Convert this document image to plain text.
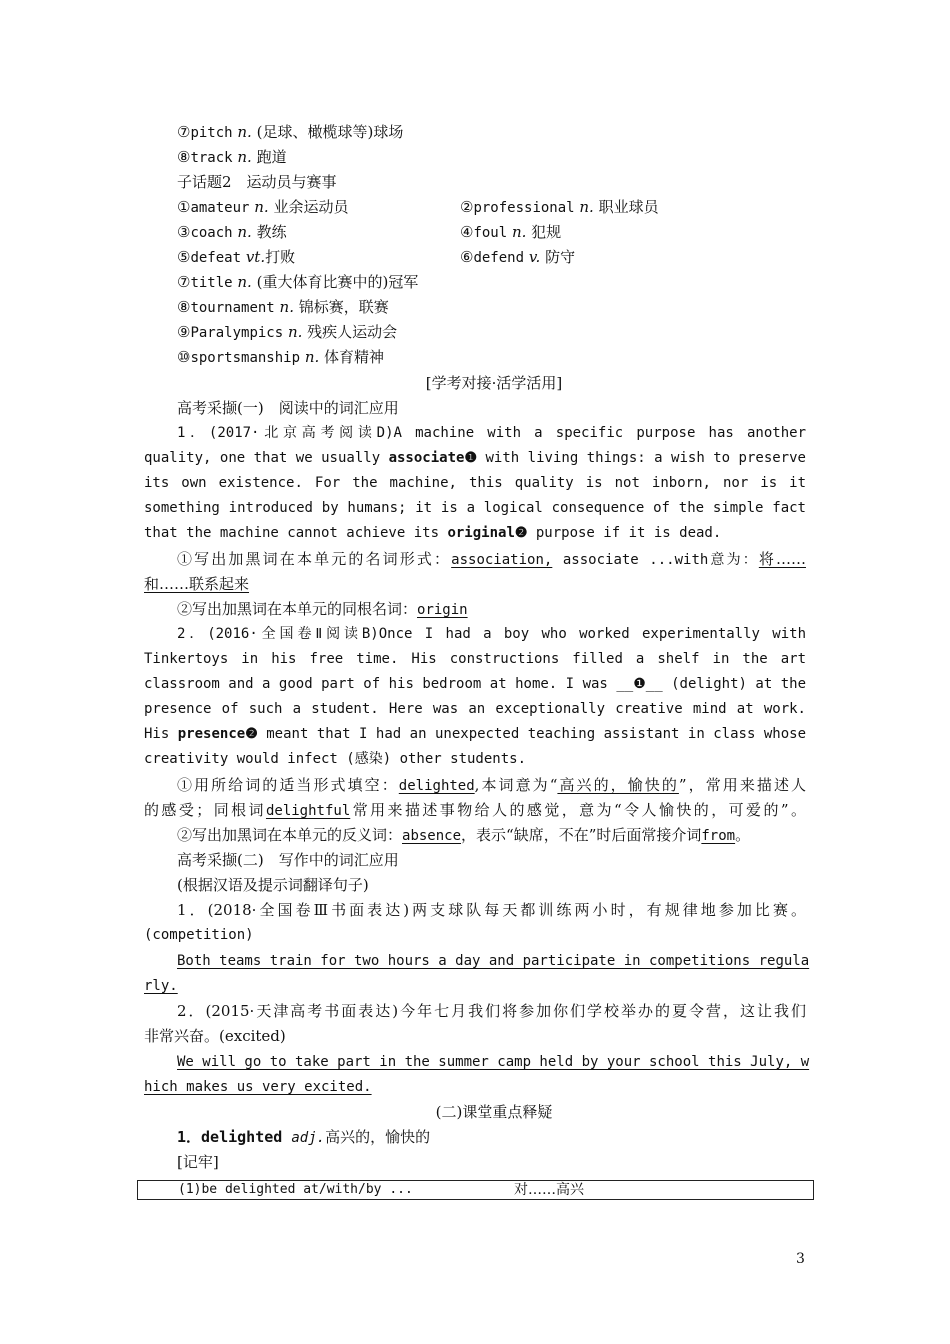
⑦pitch n. (足球、橄榄球等)球场
⑧track n. 跑道
子话题2　运动员与赛事
①amateur n. 业余运动员	②professional n. 职业球员
③coach n. 教练	④foul n. 犯规
⑤defeat vt.打败	⑥defend v. 防守
⑦title n. (重大体育比赛中的)冠军
⑧tournament n. 锦标赛，联赛
⑨Paralympics n. 残疾人运动会
⑩sportsmanship n. 体育精神
[学考对接·活学活用]
高考采撷(一)　阅读中的词汇应用
1．(2017·北京高考阅读D)A machine with a specific purpose has another
quality, one that we usually associate❶ with living things: a wish to preserve
its own existence. For the machine, this quality is not inborn, nor is it
something introduced by humans; it is a logical consequence of the simple fact
that the machine cannot achieve its original❷ purpose if it is dead.
①写出加黑词在本单元的名词形式：association, associate ...with意为：将……
和……联系起来
②写出加黑词在本单元的同根名词：origin
2．(2016·全国卷Ⅱ阅读B)Once I had a boy who worked experimentally with
Tinkertoys in his free time. His constructions filled a shelf in the art
classroom and a good part of his bedroom at home. I was __❶__ (delight) at the
presence of such a student. Here was an exceptionally creative mind at work.
His presence❷ meant that I had an unexpected teaching assistant in class whose
creativity would infect (感染) other students.
①用所给词的适当形式填空：delighted,本词意为“高兴的，愉快的”，常用来描述人
的感受；同根词delightful常用来描述事物给人的感觉，意为“令人愉快的，可爱的”。
②写出加黑词在本单元的反义词：absence，表示“缺席，不在”时后面常接介词from。
高考采撷(二)　写作中的词汇应用
(根据汉语及提示词翻译句子)
1．(2018·全国卷Ⅲ书面表达)两支球队每天都训练两小时，有规律地参加比赛。
(competition)
Both teams train for two hours a day and participate in competitions regula
rly.
2．(2015·天津高考书面表达)今年七月我们将参加你们学校举办的夏令营，这让我们
非常兴奋。(excited)
We will go to take part in the summer camp held by your school this July, w
hich makes us very excited.
(二)课堂重点释疑
1．delighted adj.高兴的，愉快的
[记牢]
(1)be delighted at/with/by ...	对……高兴
3
